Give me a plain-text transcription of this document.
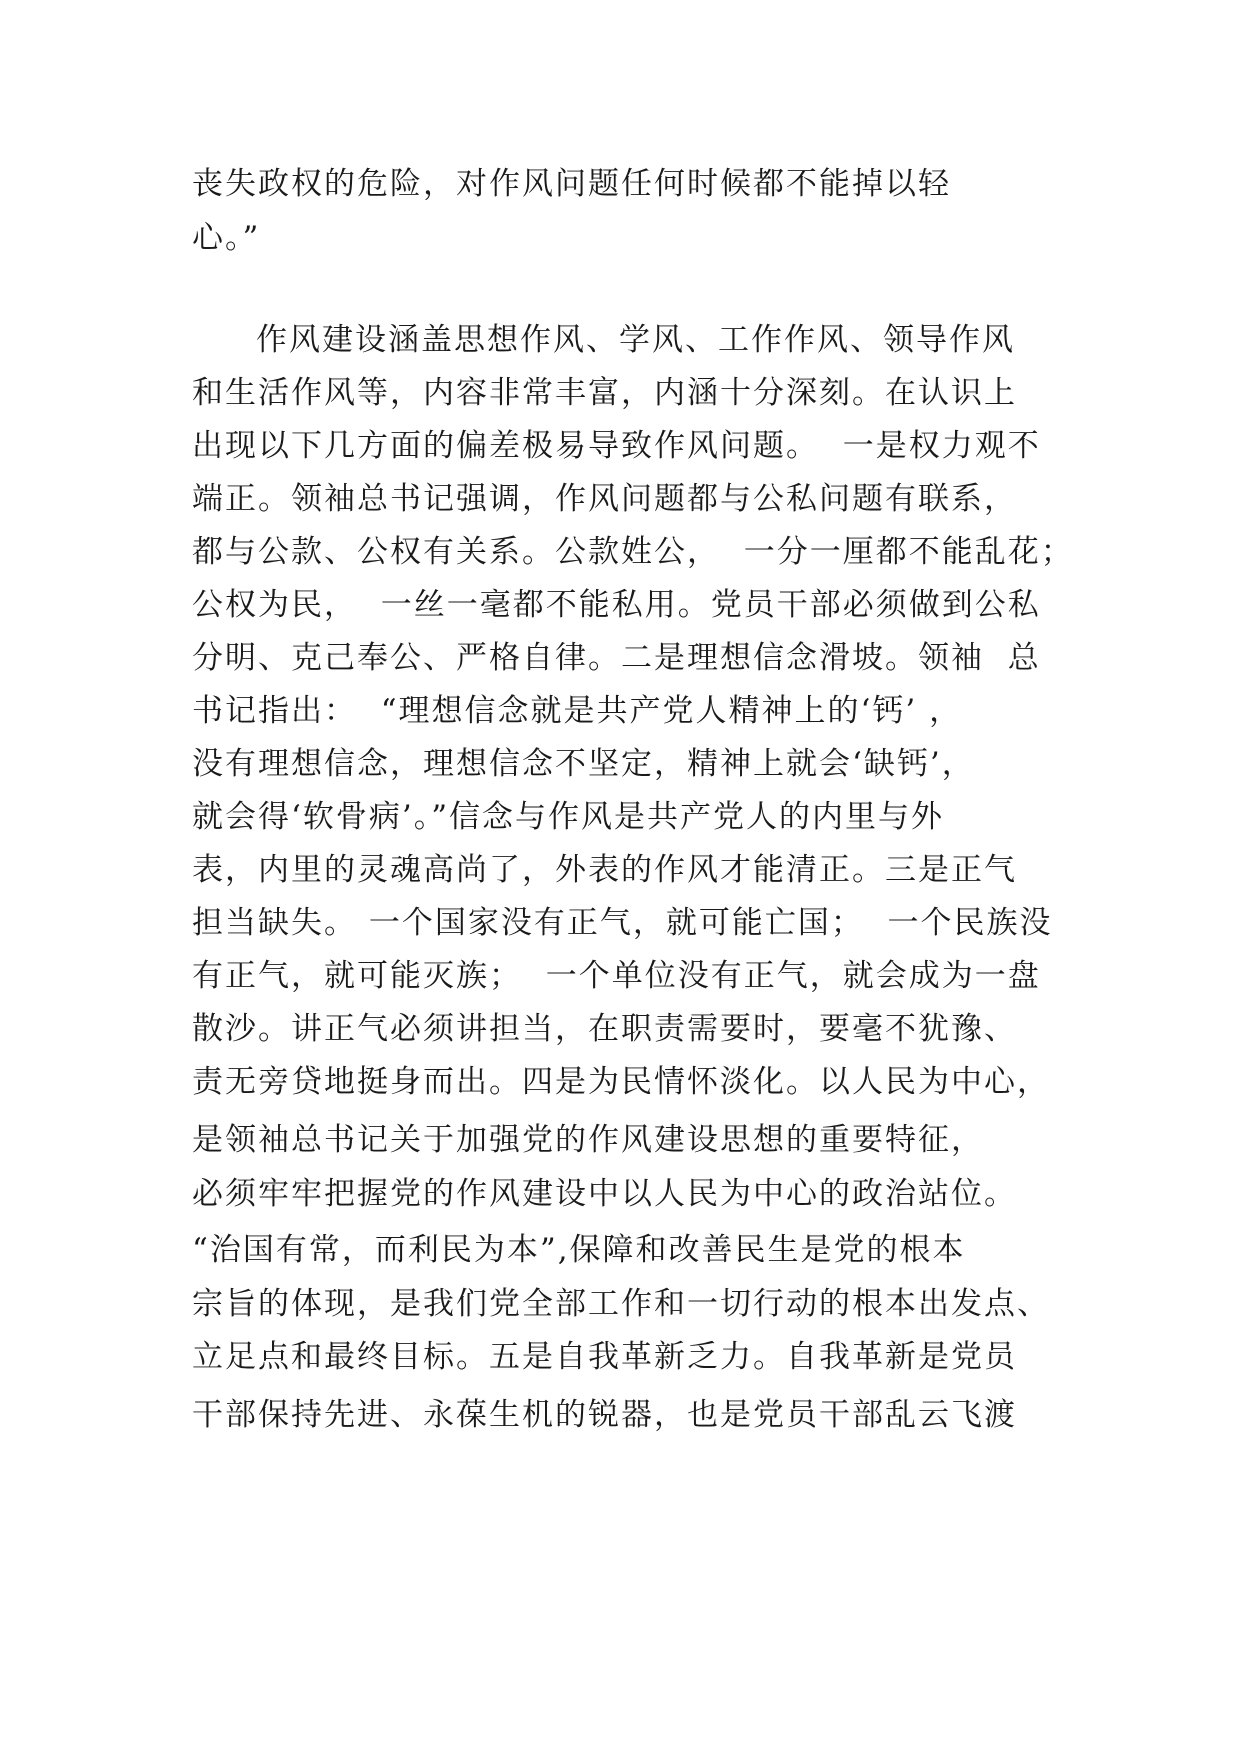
丧失政权的危险，对作风问题任何时候都不能掉以轻

心。”

作风建设涵盖思想作风、学风、工作作风、领导作风

和生活作风等，内容非常丰富，内涵十分深刻。在认识上

出现以下几方面的偏差极易导致作风问题。  一是权力观不

端正。领袖总书记强调，作风问题都与公私问题有联系，

都与公款、公权有关系。公款姓公，  一分一厘都不能乱花；

公权为民，  一丝一毫都不能私用。党员干部必须做到公私

分明、克己奉公、严格自律。二是理想信念滑坡。领袖  总

书记指出：  “理想信念就是共产党人精神上的‘钙’ ，

没有理想信念，理想信念不坚定，精神上就会‘缺钙’，

就会得‘软骨病’。”信念与作风是共产党人的内里与外

表，内里的灵魂高尚了，外表的作风才能清正。三是正气

担当缺失。 一个国家没有正气，就可能亡国；  一个民族没

有正气，就可能灭族；  一个单位没有正气，就会成为一盘

散沙。讲正气必须讲担当，在职责需要时，要毫不犹豫、

责无旁贷地挺身而出。四是为民情怀淡化。以人民为中心，

是领袖总书记关于加强党的作风建设思想的重要特征，

必须牢牢把握党的作风建设中以人民为中心的政治站位。

“治国有常，而利民为本”,保障和改善民生是党的根本

宗旨的体现，是我们党全部工作和一切行动的根本出发点、

立足点和最终目标。五是自我革新乏力。自我革新是党员

干部保持先进、永葆生机的锐器，也是党员干部乱云飞渡
